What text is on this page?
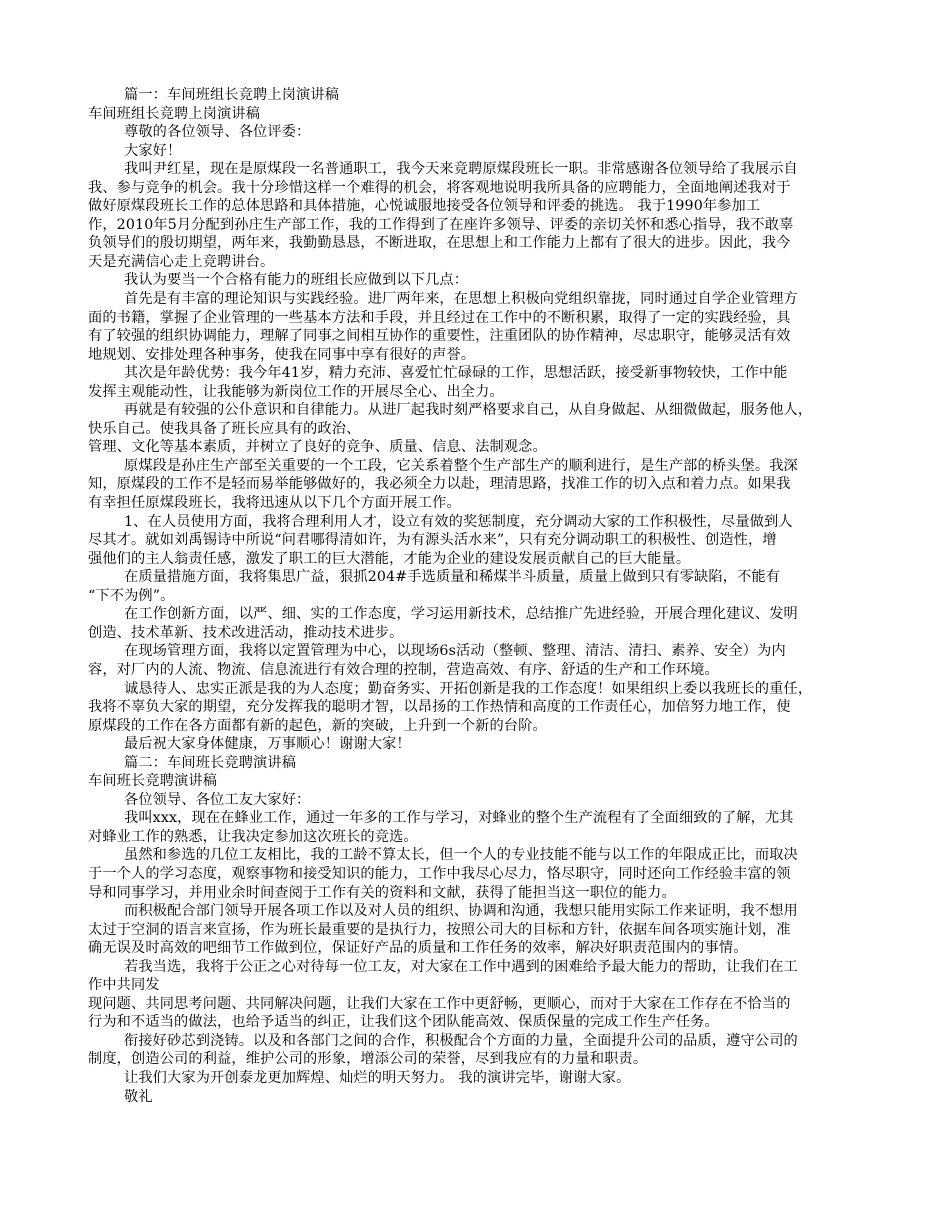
篇一：车间班组长竞聘上岗演讲稿
车间班组长竞聘上岗演讲稿
尊敬的各位领导、各位评委：
大家好！
我叫尹红星，现在是原煤段一名普通职工，我今天来竞聘原煤段班长一职。非常感谢各位领导给了我展示自
我、参与竞争的机会。我十分珍惜这样一个难得的机会，将客观地说明我所具备的应聘能力，全面地阐述我对于
做好原煤段班长工作的总体思路和具体措施，心悦诚服地接受各位领导和评委的挑选。 我于1990年参加工
作，2010年5月分配到孙庄生产部工作，我的工作得到了在座许多领导、评委的亲切关怀和悉心指导，我不敢辜
负领导们的殷切期望，两年来，我勤勤恳恳，不断进取，在思想上和工作能力上都有了很大的进步。因此，我今
天是充满信心走上竞聘讲台。
我认为要当一个合格有能力的班组长应做到以下几点：
首先是有丰富的理论知识与实践经验。进厂两年来，在思想上积极向党组织靠拢，同时通过自学企业管理方
面的书籍，掌握了企业管理的一些基本方法和手段，并且经过在工作中的不断积累，取得了一定的实践经验，具
有了较强的组织协调能力，理解了同事之间相互协作的重要性，注重团队的协作精神，尽忠职守，能够灵活有效
地规划、安排处理各种事务，使我在同事中享有很好的声誉。
其次是年龄优势：我今年41岁，精力充沛、喜爱忙忙碌碌的工作，思想活跃，接受新事物较快，工作中能
发挥主观能动性，让我能够为新岗位工作的开展尽全心、出全力。
再就是有较强的公仆意识和自律能力。从进厂起我时刻严格要求自己，从自身做起、从细微做起，服务他人，
快乐自己。使我具备了班长应具有的政治、
管理、文化等基本素质，并树立了良好的竞争、质量、信息、法制观念。
原煤段是孙庄生产部至关重要的一个工段，它关系着整个生产部生产的顺利进行，是生产部的桥头堡。我深
知，原煤段的工作不是轻而易举能够做好的，我必须全力以赴，理清思路，找准工作的切入点和着力点。如果我
有幸担任原煤段班长，我将迅速从以下几个方面开展工作。
1、在人员使用方面，我将合理利用人才，设立有效的奖惩制度，充分调动大家的工作积极性，尽量做到人
尽其才。就如刘禹锡诗中所说“问君哪得清如许，为有源头活水来”，只有充分调动职工的积极性、创造性，增
强他们的主人翁责任感，激发了职工的巨大潜能，才能为企业的建设发展贡献自己的巨大能量。
在质量措施方面，我将集思广益，狠抓204#手选质量和稀煤半斗质量，质量上做到只有零缺陷，不能有
“下不为例”。
在工作创新方面，以严、细、实的工作态度，学习运用新技术，总结推广先进经验，开展合理化建议、发明
创造、技术革新、技术改进活动，推动技术进步。
在现场管理方面，我将以定置管理为中心，以现场6s活动（整顿、整理、清洁、清扫、素养、安全）为内
容，对厂内的人流、物流、信息流进行有效合理的控制，营造高效、有序、舒适的生产和工作环境。
诚恳待人、忠实正派是我的为人态度；勤奋务实、开拓创新是我的工作态度！如果组织上委以我班长的重任，
我将不辜负大家的期望，充分发挥我的聪明才智，以昂扬的工作热情和高度的工作责任心，加倍努力地工作，使
原煤段的工作在各方面都有新的起色，新的突破，上升到一个新的台阶。
最后祝大家身体健康，万事顺心！谢谢大家！
篇二：车间班长竞聘演讲稿
车间班长竞聘演讲稿
各位领导、各位工友大家好：
我叫xxx，现在在蜂业工作，通过一年多的工作与学习，对蜂业的整个生产流程有了全面细致的了解，尤其
对蜂业工作的熟悉，让我决定参加这次班长的竞选。
虽然和参选的几位工友相比，我的工龄不算太长，但一个人的专业技能不能与以工作的年限成正比，而取决
于一个人的学习态度，观察事物和接受知识的能力，工作中我尽心尽力，恪尽职守，同时还向工作经验丰富的领
导和同事学习，并用业余时间查阅于工作有关的资料和文献，获得了能担当这一职位的能力。
而积极配合部门领导开展各项工作以及对人员的组织、协调和沟通，我想只能用实际工作来证明，我不想用
太过于空洞的语言来宣扬，作为班长最重要的是执行力，按照公司大的目标和方针，依据车间各项实施计划，准
确无误及时高效的吧细节工作做到位，保证好产品的质量和工作任务的效率，解决好职责范围内的事情。
若我当选，我将于公正之心对待每一位工友，对大家在工作中遇到的困难给予最大能力的帮助，让我们在工
作中共同发
现问题、共同思考问题、共同解决问题，让我们大家在工作中更舒畅，更顺心，而对于大家在工作存在不恰当的
行为和不适当的做法，也给予适当的纠正，让我们这个团队能高效、保质保量的完成工作生产任务。
衔接好砂芯到浇铸。以及和各部门之间的合作，积极配合个方面的力量，全面提升公司的品质，遵守公司的
制度，创造公司的利益，维护公司的形象，增添公司的荣誉，尽到我应有的力量和职责。
让我们大家为开创泰龙更加辉煌、灿烂的明天努力。 我的演讲完毕，谢谢大家。
敬礼
